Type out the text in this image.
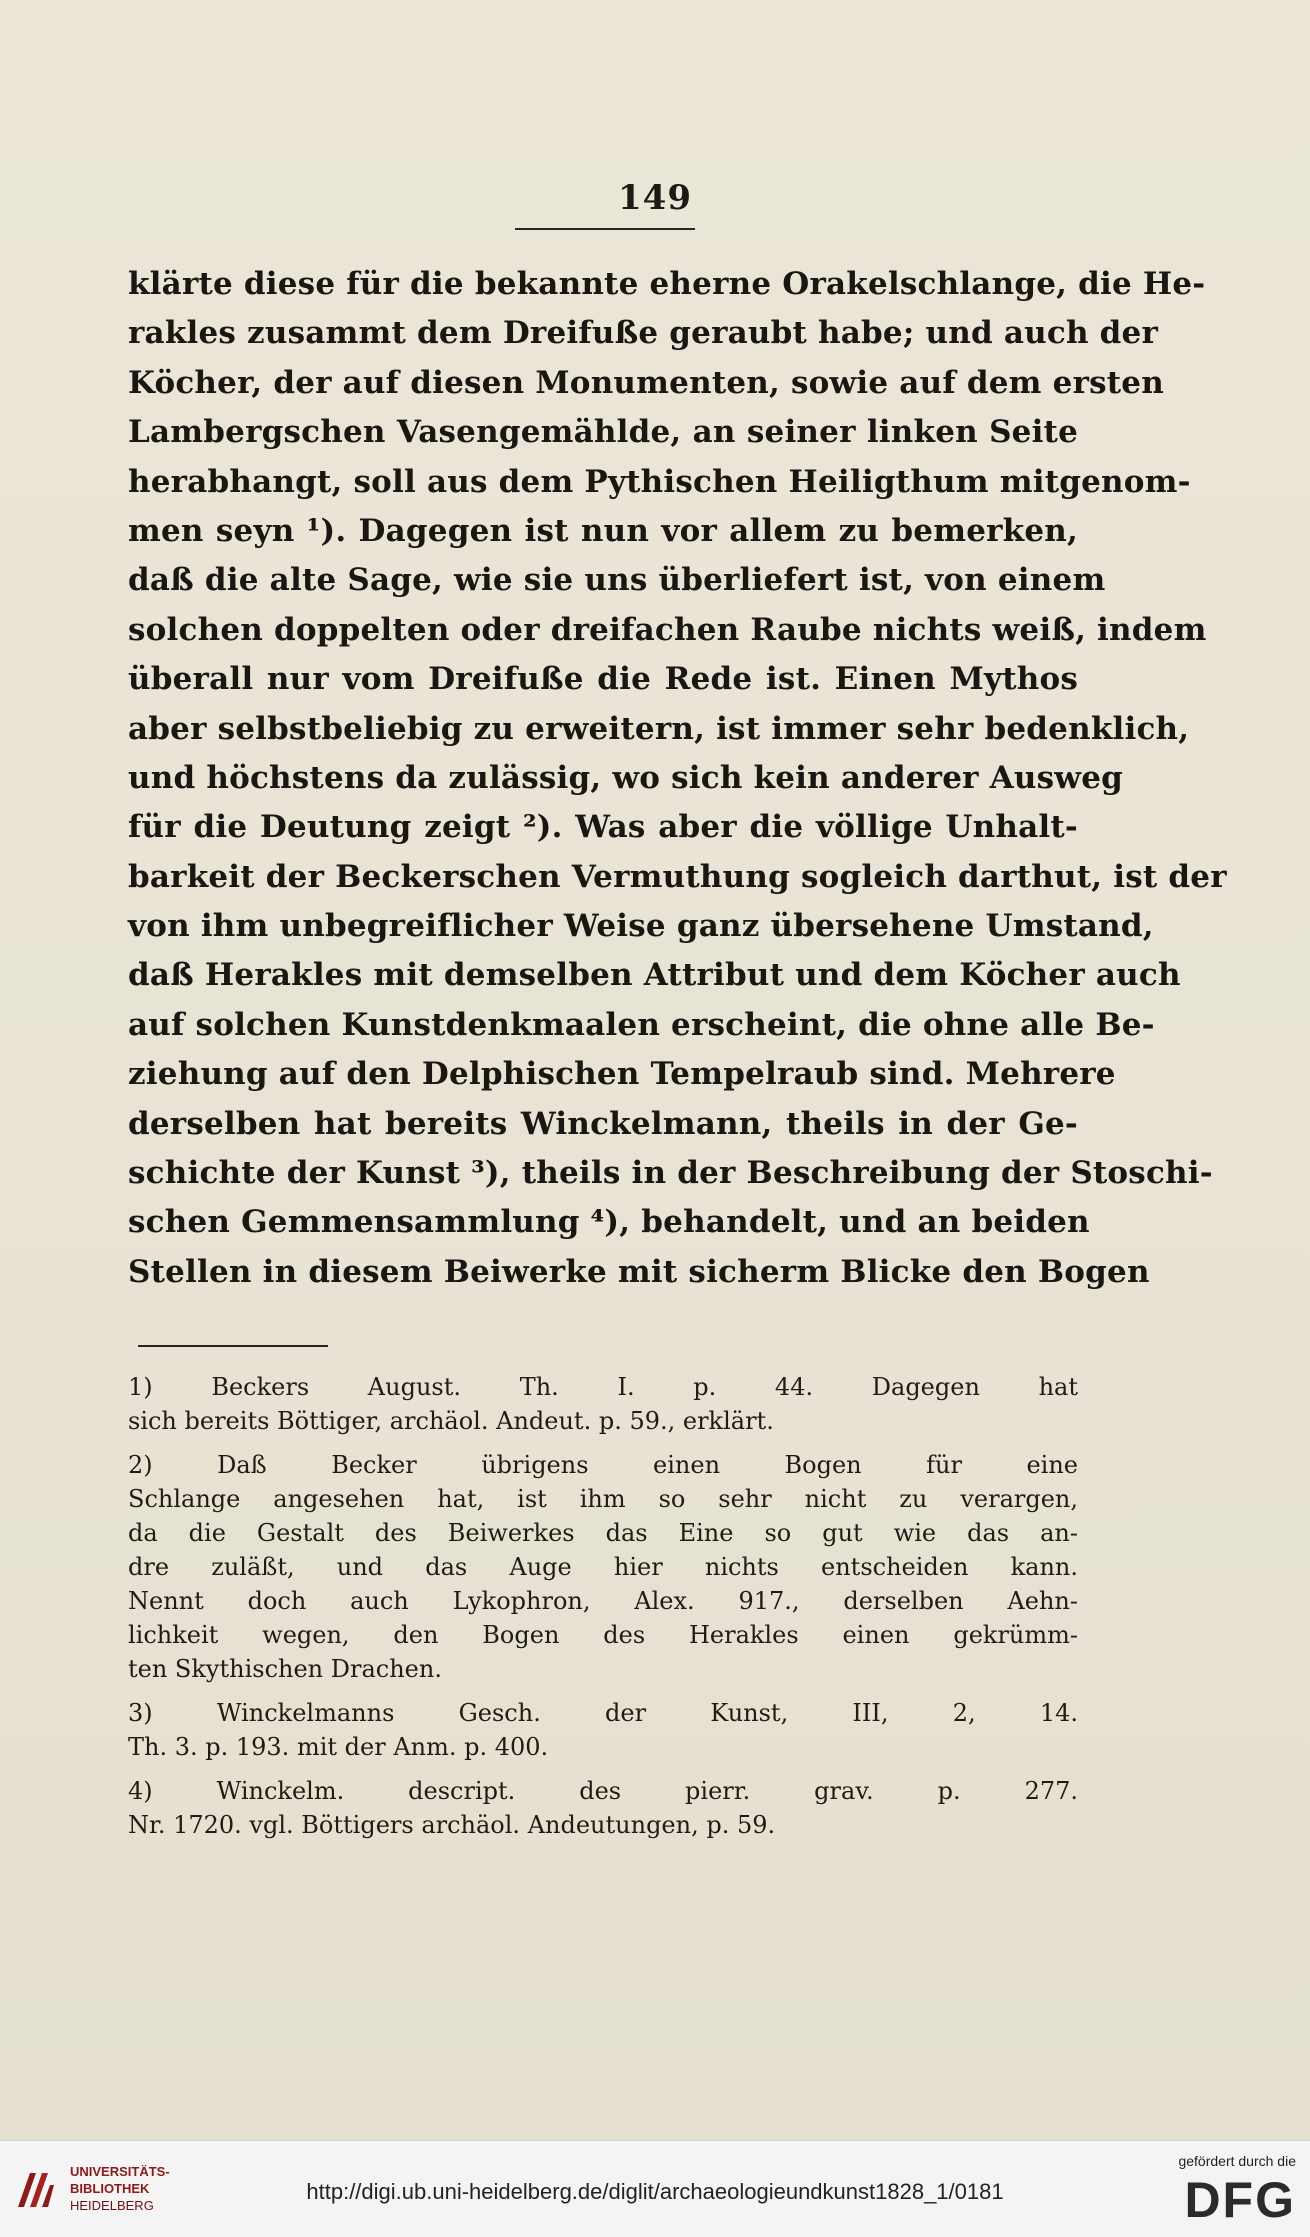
149
klärte diese für die bekannte eherne Orakelschlange, die He-
rakles zusammt dem Dreifuße geraubt habe; und auch der
Köcher, der auf diesen Monumenten, sowie auf dem ersten
Lambergschen Vasengemählde, an seiner linken Seite
herabhangt, soll aus dem Pythischen Heiligthum mitgenom-
men seyn ¹). Dagegen ist nun vor allem zu bemerken,
daß die alte Sage, wie sie uns überliefert ist, von einem
solchen doppelten oder dreifachen Raube nichts weiß, indem
überall nur vom Dreifuße die Rede ist. Einen Mythos
aber selbstbeliebig zu erweitern, ist immer sehr bedenklich,
und höchstens da zulässig, wo sich kein anderer Ausweg
für die Deutung zeigt ²). Was aber die völlige Unhalt-
barkeit der Beckerschen Vermuthung sogleich darthut, ist der
von ihm unbegreiflicher Weise ganz übersehene Umstand,
daß Herakles mit demselben Attribut und dem Köcher auch
auf solchen Kunstdenkmaalen erscheint, die ohne alle Be-
ziehung auf den Delphischen Tempelraub sind. Mehrere
derselben hat bereits Winckelmann, theils in der Ge-
schichte der Kunst ³), theils in der Beschreibung der Stoschi-
schen Gemmensammlung ⁴), behandelt, und an beiden
Stellen in diesem Beiwerke mit sicherm Blicke den Bogen
1) Beckers August. Th. I. p. 44. Dagegen hat
sich bereits Böttiger, archäol. Andeut. p. 59., erklärt.
2) Daß Becker übrigens einen Bogen für eine
Schlange angesehen hat, ist ihm so sehr nicht zu verargen,
da die Gestalt des Beiwerkes das Eine so gut wie das an-
dre zuläßt, und das Auge hier nichts entscheiden kann.
Nennt doch auch Lykophron, Alex. 917., derselben Aehn-
lichkeit wegen, den Bogen des Herakles einen gekrümm-
ten Skythischen Drachen.
3) Winckelmanns Gesch. der Kunst, III, 2, 14.
Th. 3. p. 193. mit der Anm. p. 400.
4) Winckelm. descript. des pierr. grav. p. 277.
Nr. 1720. vgl. Böttigers archäol. Andeutungen, p. 59.
UNIVERSITÄTS-
BIBLIOTHEK
HEIDELBERG
http://digi.ub.uni-heidelberg.de/diglit/archaeologieundkunst1828_1/0181
gefördert durch die
DFG
